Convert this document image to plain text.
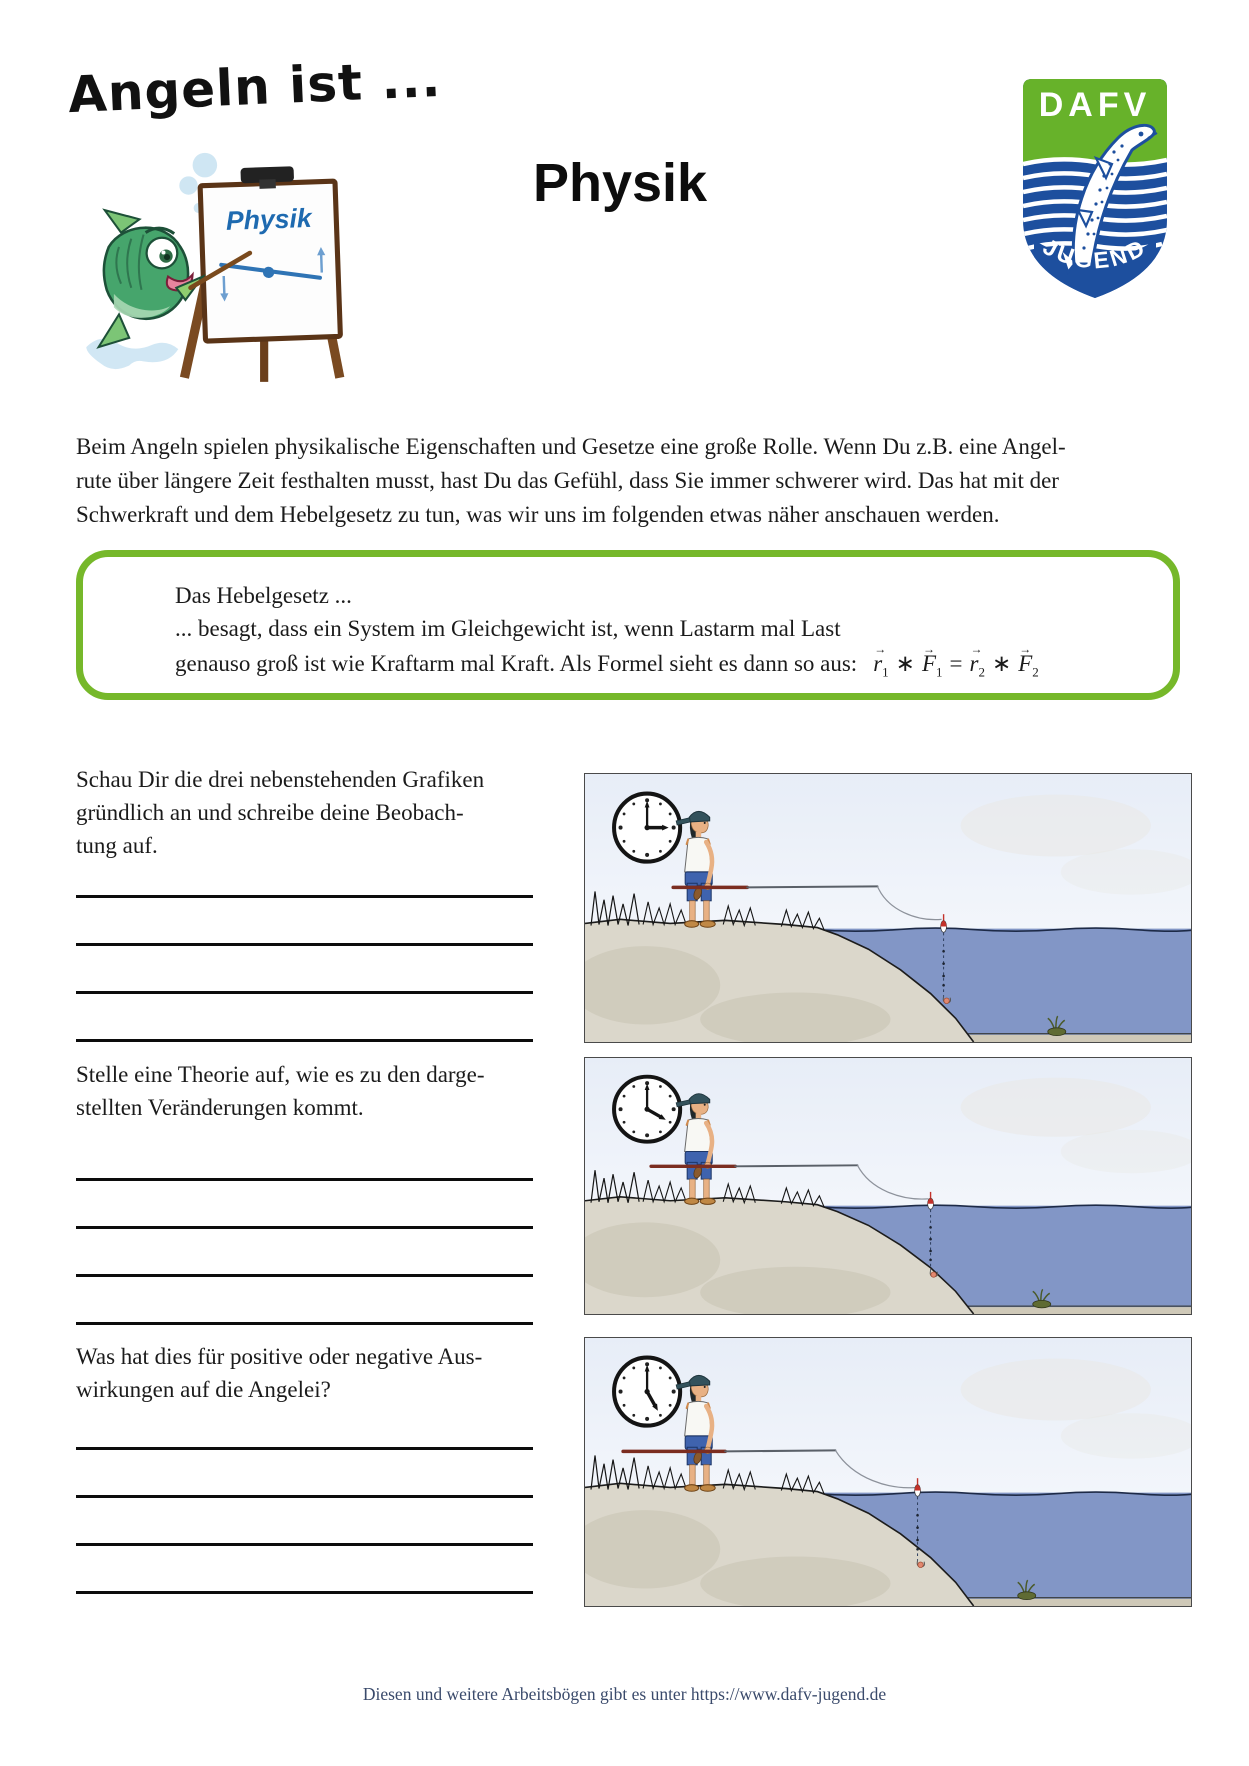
Angeln ist ...
Physik
Physik
DAFV
JUGEND
Beim Angeln spielen physikalische Eigenschaften und Gesetze eine große Rolle. Wenn Du z.B. eine Angel-
rute über längere Zeit festhalten musst, hast Du das Gefühl, dass Sie immer schwerer wird. Das hat mit der
Schwerkraft und dem Hebelgesetz zu tun, was wir uns im folgenden etwas näher anschauen werden.
Das Hebelgesetz ...
... besagt, dass ein System im Gleichgewicht ist, wenn Lastarm mal Last
genauso groß ist wie Kraftarm mal Kraft. Als Formel sieht es dann so aus: → $r_1$ ∗ → $F_1$ = → $r_2$ ∗ → $F_2$
Schau Dir die drei nebenstehenden Grafiken
gründlich an und schreibe deine Beobach-
tung auf.
Stelle eine Theorie auf, wie es zu den darge-
stellten Veränderungen kommt.
Was hat dies für positive oder negative Aus-
wirkungen auf die Angelei?
Diesen und weitere Arbeitsbögen gibt es unter https://www.dafv-jugend.de
